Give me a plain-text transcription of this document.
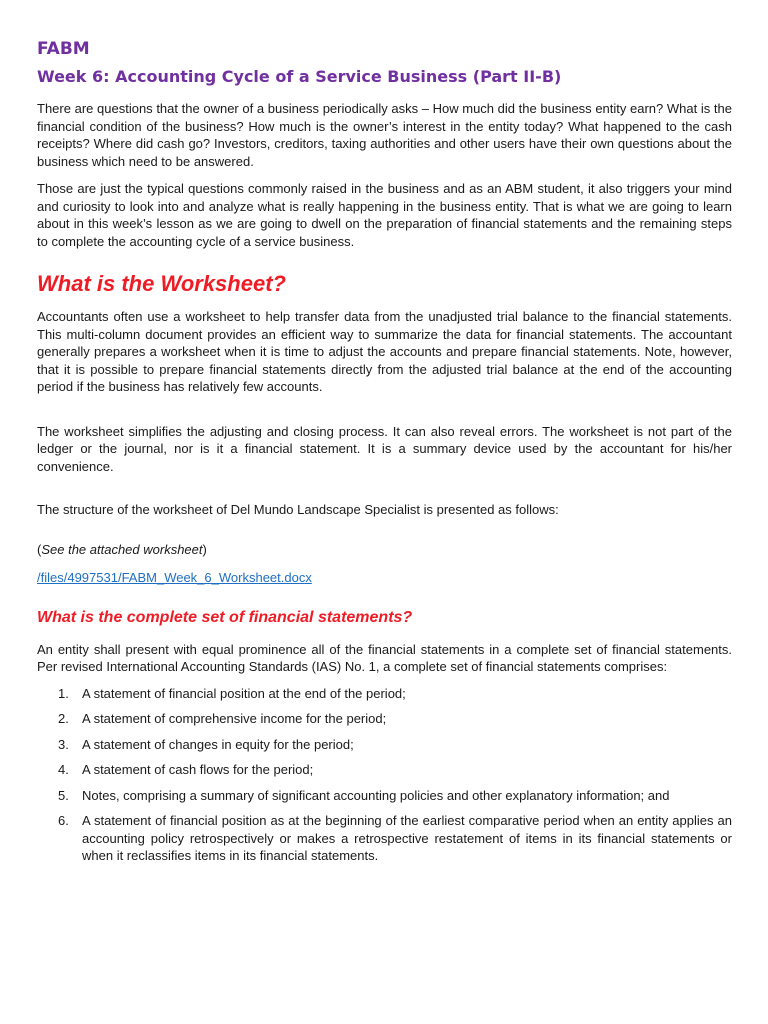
FABM
Week 6: Accounting Cycle of a Service Business (Part II-B)

There are questions that the owner of a business periodically asks – How much did the business entity earn? What is the financial condition of the business? How much is the owner’s interest in the entity today? What happened to the cash receipts? Where did cash go? Investors, creditors, taxing authorities and other users have their own questions about the business which need to be answered.

Those are just the typical questions commonly raised in the business and as an ABM student, it also triggers your mind and curiosity to look into and analyze what is really happening in the business entity. That is what we are going to learn about in this week’s lesson as we are going to dwell on the preparation of financial statements and the remaining steps to complete the accounting cycle of a service business.

What is the Worksheet?

Accountants often use a worksheet to help transfer data from the unadjusted trial balance to the financial statements. This multi-column document provides an efficient way to summarize the data for financial statements. The accountant generally prepares a worksheet when it is time to adjust the accounts and prepare financial statements. Note, however, that it is possible to prepare financial statements directly from the adjusted trial balance at the end of the accounting period if the business has relatively few accounts.

The worksheet simplifies the adjusting and closing process. It can also reveal errors. The worksheet is not part of the ledger or the journal, nor is it a financial statement. It is a summary device used by the accountant for his/her convenience.

The structure of the worksheet of Del Mundo Landscape Specialist is presented as follows:

(See the attached worksheet)

/files/4997531/FABM_Week_6_Worksheet.docx

What is the complete set of financial statements?

An entity shall present with equal prominence all of the financial statements in a complete set of financial statements. Per revised International Accounting Standards (IAS) No. 1, a complete set of financial statements comprises:

1. A statement of financial position at the end of the period;
2. A statement of comprehensive income for the period;
3. A statement of changes in equity for the period;
4. A statement of cash flows for the period;
5. Notes, comprising a summary of significant accounting policies and other explanatory information; and
6. A statement of financial position as at the beginning of the earliest comparative period when an entity applies an accounting policy retrospectively or makes a retrospective restatement of items in its financial statements or when it reclassifies items in its financial statements.
